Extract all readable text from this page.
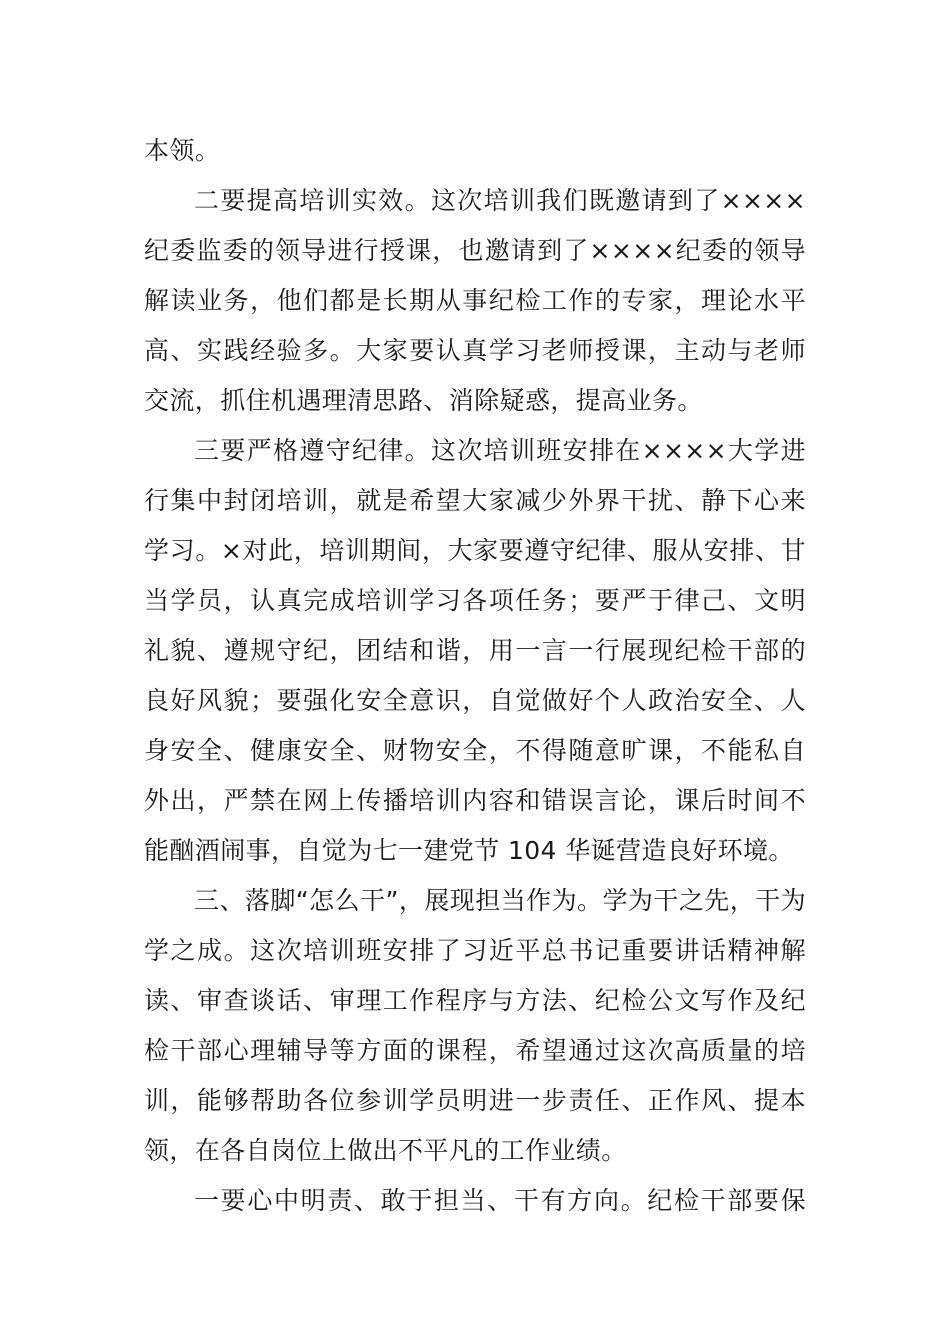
本领。
二要提高培训实效。这次培训我们既邀请到了××××
纪委监委的领导进行授课，也邀请到了××××纪委的领导
解读业务，他们都是长期从事纪检工作的专家，理论水平
高、实践经验多。大家要认真学习老师授课，主动与老师
交流，抓住机遇理清思路、消除疑惑，提高业务。
三要严格遵守纪律。这次培训班安排在××××大学进
行集中封闭培训，就是希望大家减少外界干扰、静下心来
学习。×对此，培训期间，大家要遵守纪律、服从安排、甘
当学员，认真完成培训学习各项任务；要严于律己、文明
礼貌、遵规守纪，团结和谐，用一言一行展现纪检干部的
良好风貌；要强化安全意识，自觉做好个人政治安全、人
身安全、健康安全、财物安全，不得随意旷课，不能私自
外出，严禁在网上传播培训内容和错误言论，课后时间不
能酗酒闹事，自觉为七一建党节 104 华诞营造良好环境。
三、落脚“怎么干”，展现担当作为。学为干之先，干为
学之成。这次培训班安排了习近平总书记重要讲话精神解
读、审查谈话、审理工作程序与方法、纪检公文写作及纪
检干部心理辅导等方面的课程，希望通过这次高质量的培
训，能够帮助各位参训学员明进一步责任、正作风、提本
领，在各自岗位上做出不平凡的工作业绩。
一要心中明责、敢于担当、干有方向。纪检干部要保
